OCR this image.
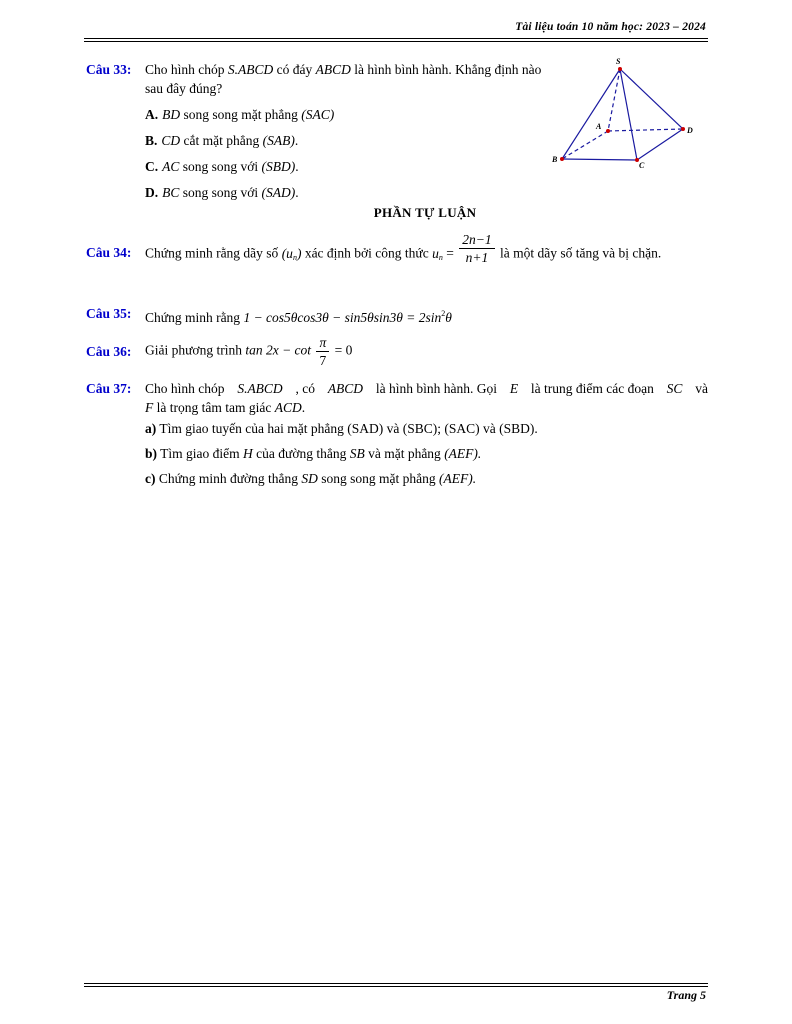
Tài liệu toán 10 năm học: 2023 – 2024
Câu 33: Cho hình chóp S.ABCD có đáy ABCD là hình bình hành. Khẳng định nào sau đây đúng?
A. BD song song mặt phẳng (SAC)
B. CD cắt mặt phẳng (SAB).
C. AC song song với (SBD).
D. BC song song với (SAD).
S
A
B
C
D
PHẦN TỰ LUẬN
Câu 34: Chứng minh rằng dãy số $(u_n)$ xác định bởi công thức $u_n = \frac{2n-1}{n+1}$ là một dãy số tăng và bị chặn.
Câu 35: Chứng minh rằng $1 - \cos 5\theta\cos 3\theta - \sin 5\theta\sin 3\theta = 2\sin^2\theta$
Câu 36: Giải phương trình $\tan 2x - \cot \frac{\pi}{7} = 0$
Câu 37: Cho hình chóp S.ABCD , có ABCD là hình bình hành. Gọi E là trung điểm các đoạn SC và
F là trọng tâm tam giác ACD.
a) Tìm giao tuyến của hai mặt phẳng (SAD) và (SBC); (SAC) và (SBD).
b) Tìm giao điểm H của đường thẳng SB và mặt phẳng (AEF).
c) Chứng minh đường thẳng SD song song mặt phẳng (AEF).
Trang 5
